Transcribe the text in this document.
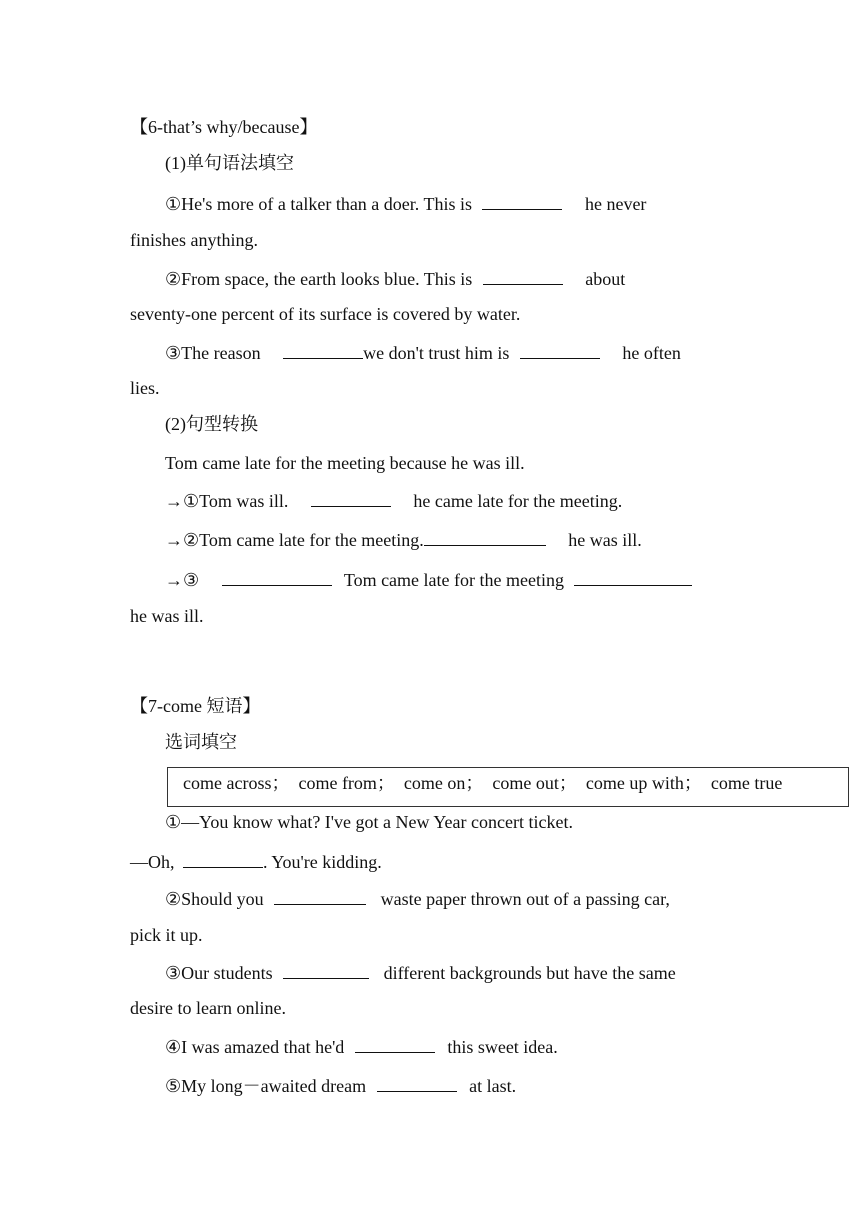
【6-that’s why/because】
(1)单句语法填空
①He's more of a talker than a doer. This is	he never
finishes anything.
②From space, the earth looks blue. This is	about
seventy-one percent of its surface is covered by water.
③The reason	we don't trust him is	he often
lies.
(2)句型转换
Tom came late for the meeting because he was ill.
→①Tom was ill.	he came late for the meeting.
→②Tom came late for the meeting.	he was ill.
→③	Tom came late for the meeting
he was ill.
【7-come 短语】
选词填空
come across；  come from；  come on；  come out；  come up with；  come true
①—You know what? I've got a New Year concert ticket.
—Oh,	. You're kidding.
②Should you	waste paper thrown out of a passing car,
pick it up.
③Our students	different backgrounds but have the same
desire to learn online.
④I was amazed that he'd	this sweet idea.
⑤My long－awaited dream	at last.
